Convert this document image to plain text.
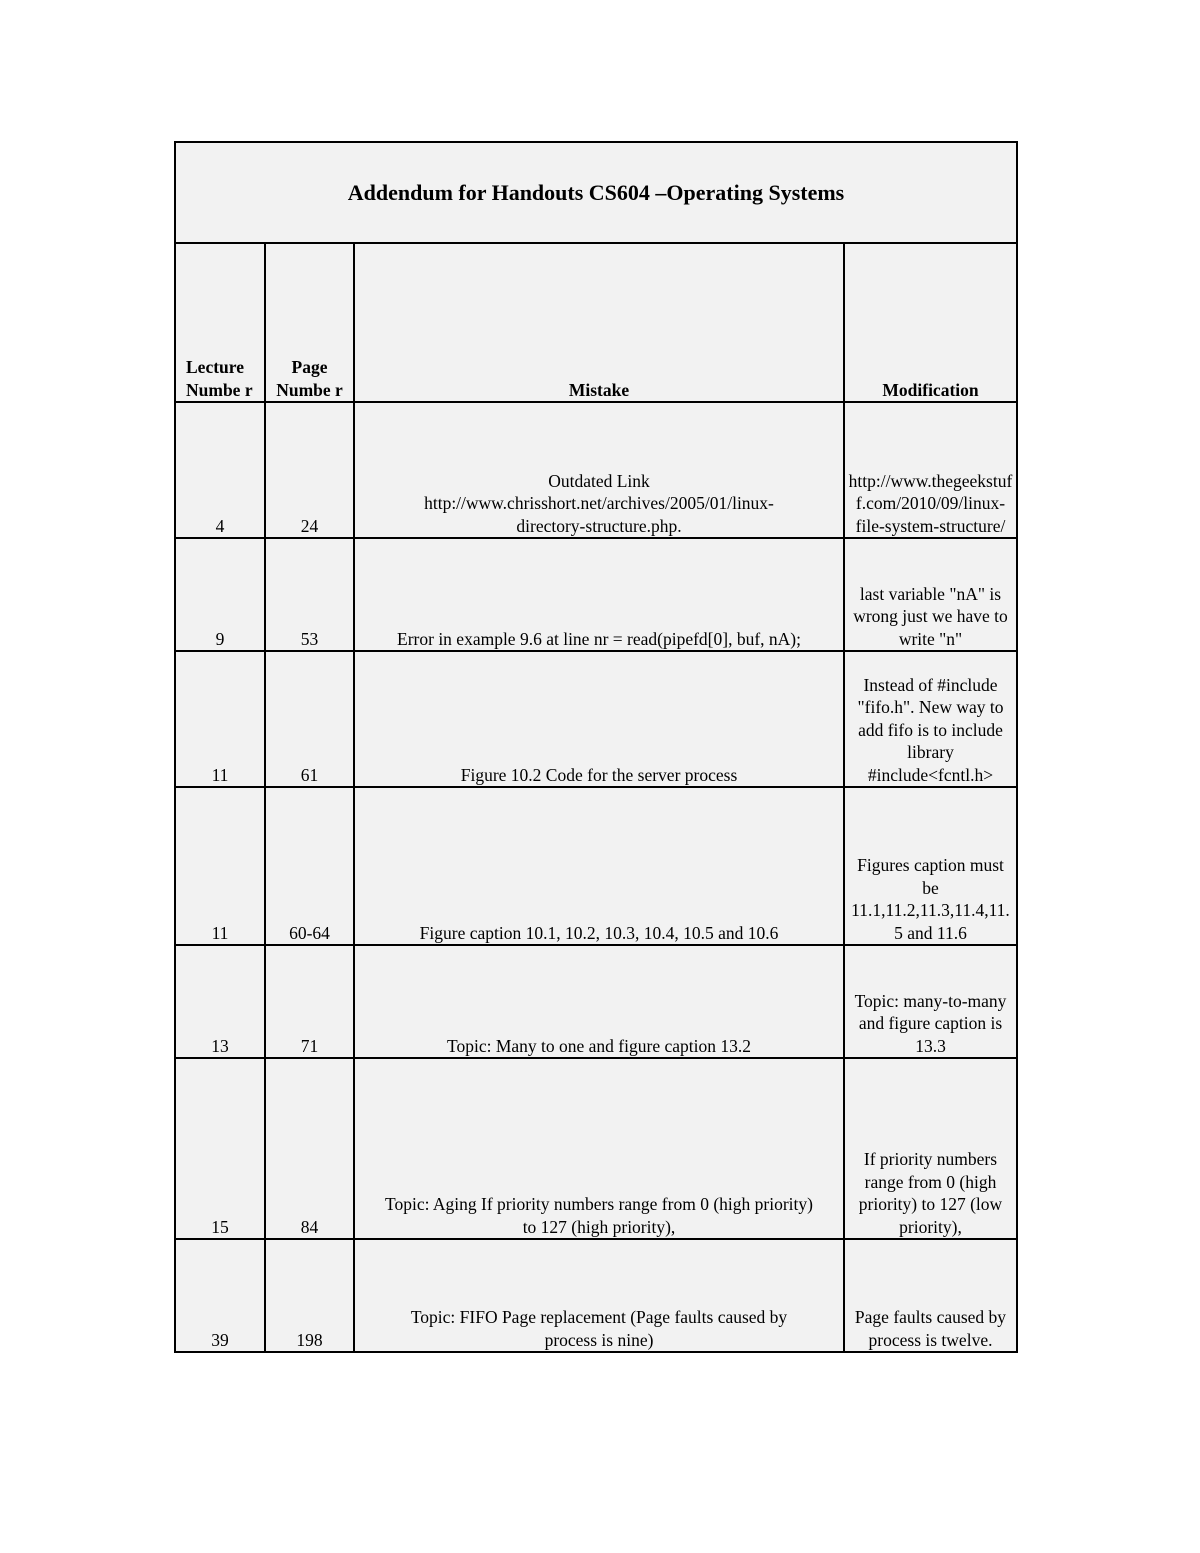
Addendum for Handouts CS604 –Operating Systems
Lecture Numbe r	Page Numbe r	Mistake	Modification
4	24	Outdated Link http://www.chrisshort.net/archives/2005/01/linux-directory-structure.php.	http://www.thegeekstuff.com/2010/09/linux-file-system-structure/
9	53	Error in example 9.6 at line nr = read(pipefd[0], buf, nA);	last variable "nA" is wrong just we have to write "n"
11	61	Figure 10.2 Code for the server process	Instead of #include "fifo.h". New way to add fifo is to include library #include<fcntl.h>
11	60-64	Figure caption 10.1, 10.2, 10.3, 10.4, 10.5 and 10.6	Figures caption must be 11.1,11.2,11.3,11.4,11.5 and 11.6
13	71	Topic: Many to one and figure caption 13.2	Topic: many-to-many and figure caption is 13.3
15	84	Topic: Aging If priority numbers range from 0 (high priority) to 127 (high priority),	If priority numbers range from 0 (high priority) to 127 (low priority),
39	198	Topic: FIFO Page replacement (Page faults caused by process is nine)	Page faults caused by process is twelve.
